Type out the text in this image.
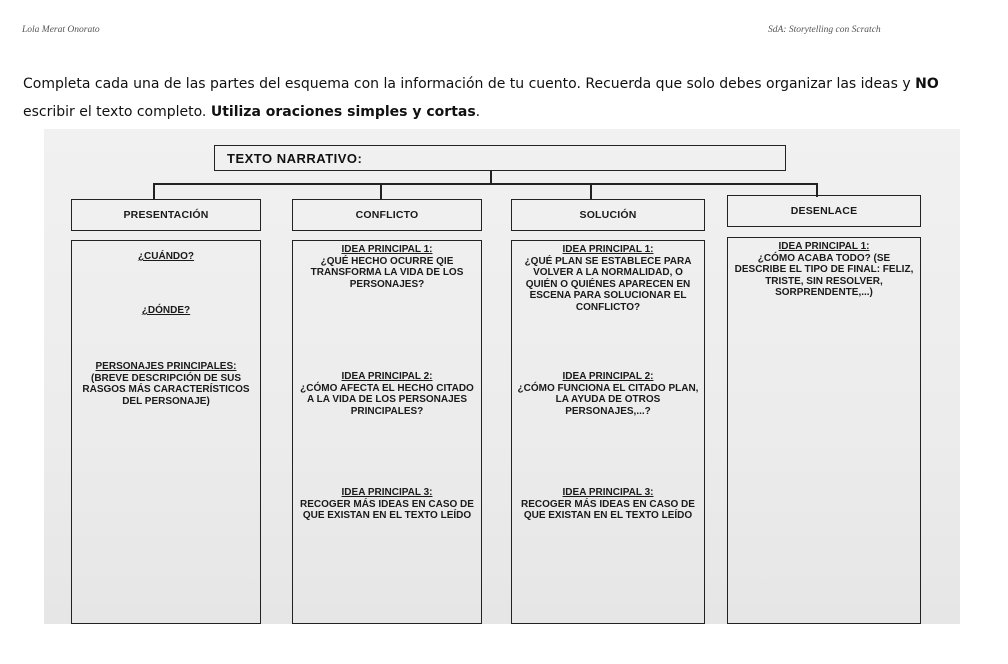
Lola Merat Onorato	SdA: Storytelling con Scratch
Completa cada una de las partes del esquema con la información de tu cuento. Recuerda que solo debes organizar las ideas y NO
escribir el texto completo. Utiliza oraciones simples y cortas.
TEXTO NARRATIVO:
PRESENTACIÓN	CONFLICTO	SOLUCIÓN	DESENLACE
¿CUÁNDO?
¿DÓNDE?
PERSONAJES PRINCIPALES:
(BREVE DESCRIPCIÓN DE SUS RASGOS MÁS CARACTERÍSTICOS DEL PERSONAJE)
IDEA PRINCIPAL 1:
¿QUÉ HECHO OCURRE QIE TRANSFORMA LA VIDA DE LOS PERSONAJES?
IDEA PRINCIPAL 2:
¿CÓMO AFECTA EL HECHO CITADO A LA VIDA DE LOS PERSONAJES PRINCIPALES?
IDEA PRINCIPAL 3:
RECOGER MÁS IDEAS EN CASO DE QUE EXISTAN EN EL TEXTO LEÍDO
IDEA PRINCIPAL 1:
¿QUÉ PLAN SE ESTABLECE PARA VOLVER A LA NORMALIDAD, O QUIÉN O QUIÉNES APARECEN EN ESCENA PARA SOLUCIONAR EL CONFLICTO?
IDEA PRINCIPAL 2:
¿CÓMO FUNCIONA EL CITADO PLAN, LA AYUDA DE OTROS PERSONAJES,...?
IDEA PRINCIPAL 3:
RECOGER MÁS IDEAS EN CASO DE QUE EXISTAN EN EL TEXTO LEÍDO
IDEA PRINCIPAL 1:
¿CÓMO ACABA TODO? (SE DESCRIBE EL TIPO DE FINAL: FELIZ, TRISTE, SIN RESOLVER, SORPRENDENTE,...)
